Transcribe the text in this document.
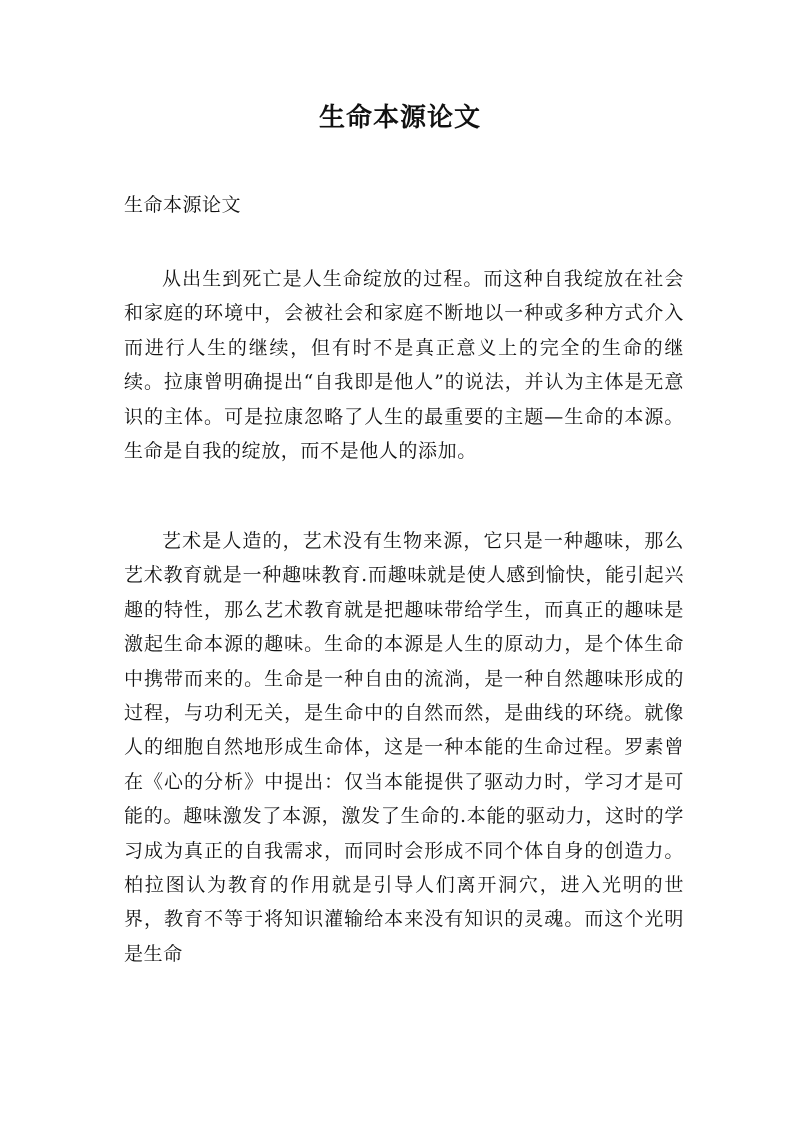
生命本源论文

生命本源论文

从出生到死亡是人生命绽放的过程。而这种自我绽放在社会和家庭的环境中，会被社会和家庭不断地以一种或多种方式介入而进行人生的继续，但有时不是真正意义上的完全的生命的继续。拉康曾明确提出“自我即是他人”的说法，并认为主体是无意识的主体。可是拉康忽略了人生的最重要的主题—生命的本源。生命是自我的绽放，而不是他人的添加。

艺术是人造的，艺术没有生物来源，它只是一种趣味，那么艺术教育就是一种趣味教育.而趣味就是使人感到愉快，能引起兴趣的特性，那么艺术教育就是把趣味带给学生，而真正的趣味是激起生命本源的趣味。生命的本源是人生的原动力，是个体生命中携带而来的。生命是一种自由的流淌，是一种自然趣味形成的过程，与功利无关，是生命中的自然而然，是曲线的环绕。就像人的细胞自然地形成生命体，这是一种本能的生命过程。罗素曾在《心的分析》中提出：仅当本能提供了驱动力时，学习才是可能的。趣味激发了本源，激发了生命的.本能的驱动力，这时的学习成为真正的自我需求，而同时会形成不同个体自身的创造力。柏拉图认为教育的作用就是引导人们离开洞穴，进入光明的世界，教育不等于将知识灌输给本来没有知识的灵魂。而这个光明是生命
